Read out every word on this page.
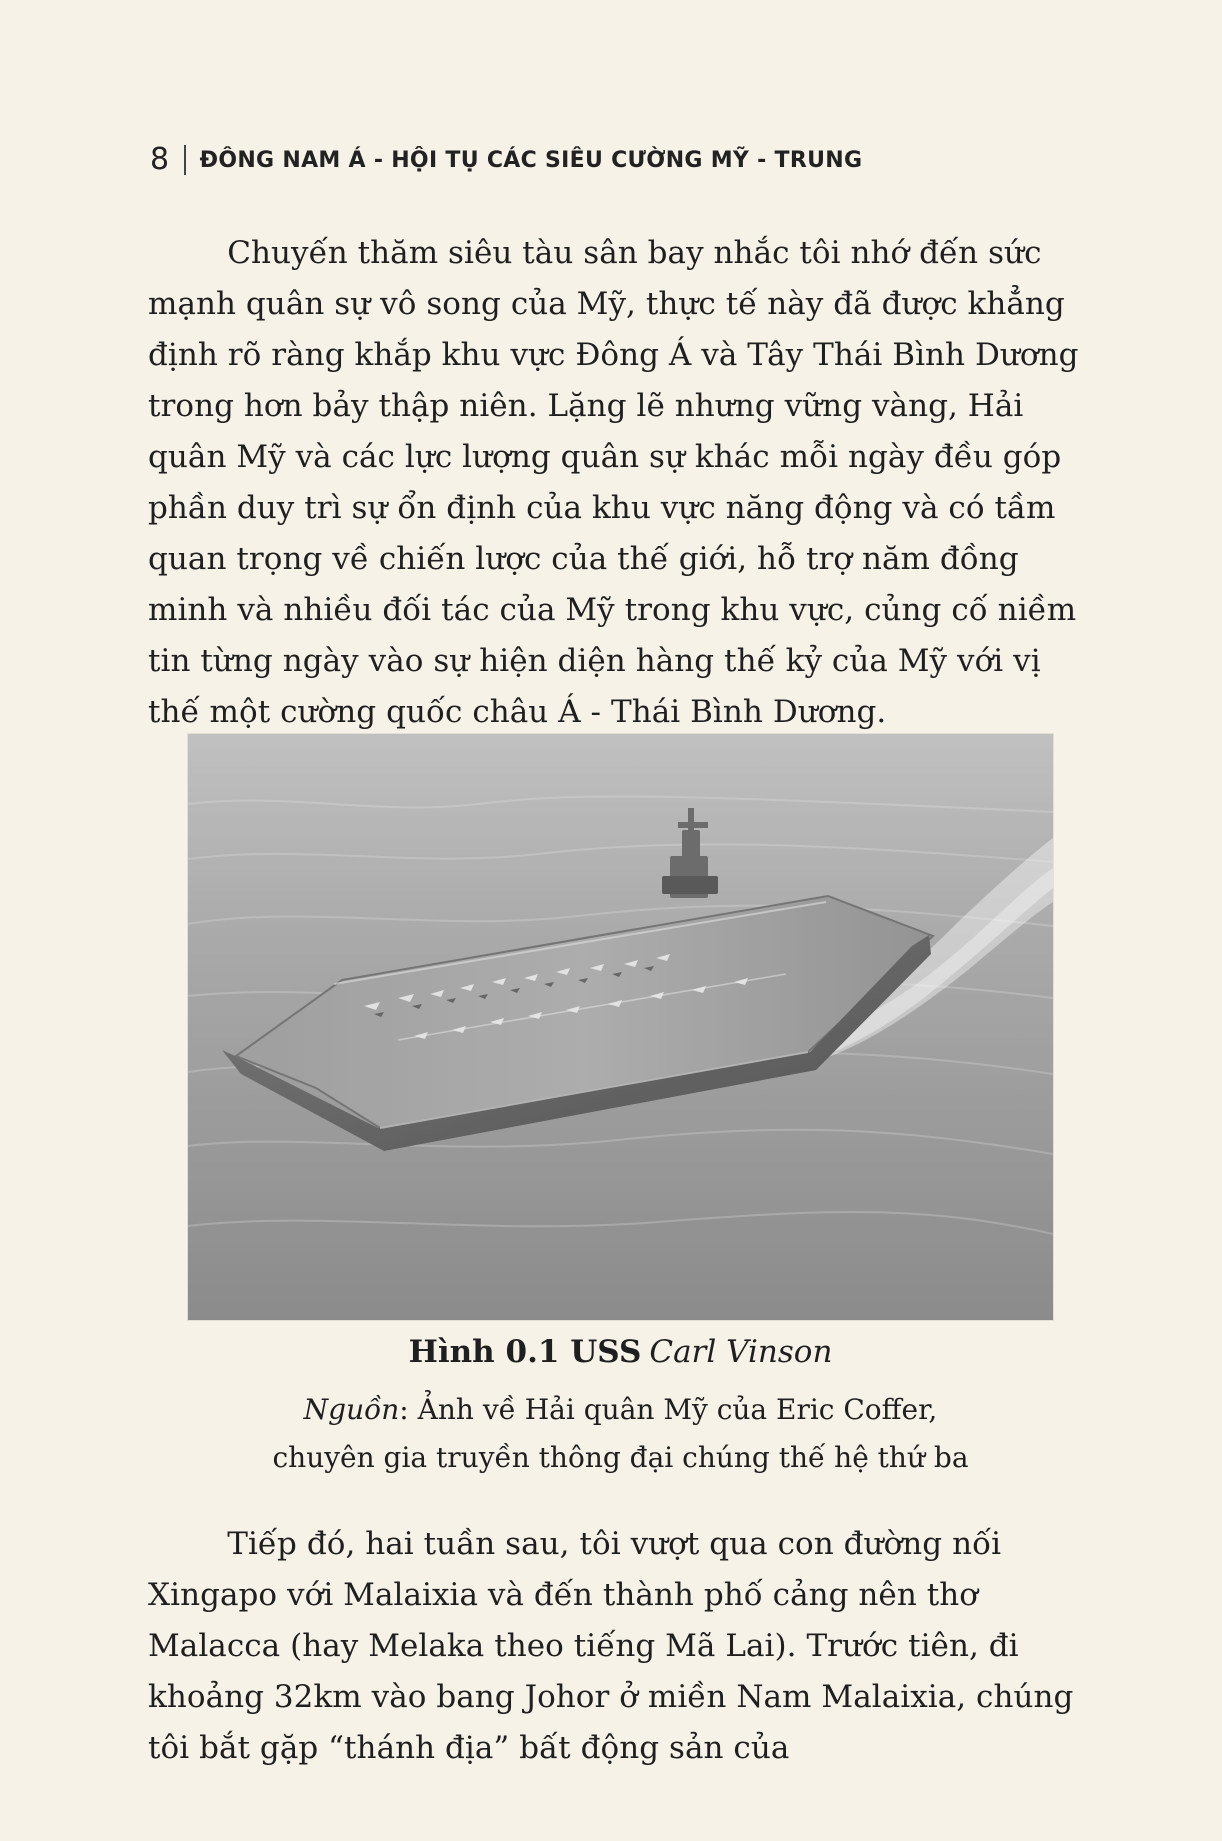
8 ĐÔNG NAM Á - HỘI TỤ CÁC SIÊU CƯỜNG MỸ - TRUNG

	Chuyến thăm siêu tàu sân bay nhắc tôi nhớ đến sức mạnh quân sự vô song của Mỹ, thực tế này đã được khẳng định rõ ràng khắp khu vực Đông Á và Tây Thái Bình Dương trong hơn bảy thập niên. Lặng lẽ nhưng vững vàng, Hải quân Mỹ và các lực lượng quân sự khác mỗi ngày đều góp phần duy trì sự ổn định của khu vực năng động và có tầm quan trọng về chiến lược của thế giới, hỗ trợ năm đồng minh và nhiều đối tác của Mỹ trong khu vực, củng cố niềm tin từng ngày vào sự hiện diện hàng thế kỷ của Mỹ với vị thế một cường quốc châu Á - Thái Bình Dương.

Hình 0.1 USS Carl Vinson
Nguồn: Ảnh về Hải quân Mỹ của Eric Coffer,
chuyên gia truyền thông đại chúng thế hệ thứ ba

	Tiếp đó, hai tuần sau, tôi vượt qua con đường nối Xingapo với Malaixia và đến thành phố cảng nên thơ Malacca (hay Melaka theo tiếng Mã Lai). Trước tiên, đi khoảng 32km vào bang Johor ở miền Nam Malaixia, chúng tôi bắt gặp “thánh địa” bất động sản của
